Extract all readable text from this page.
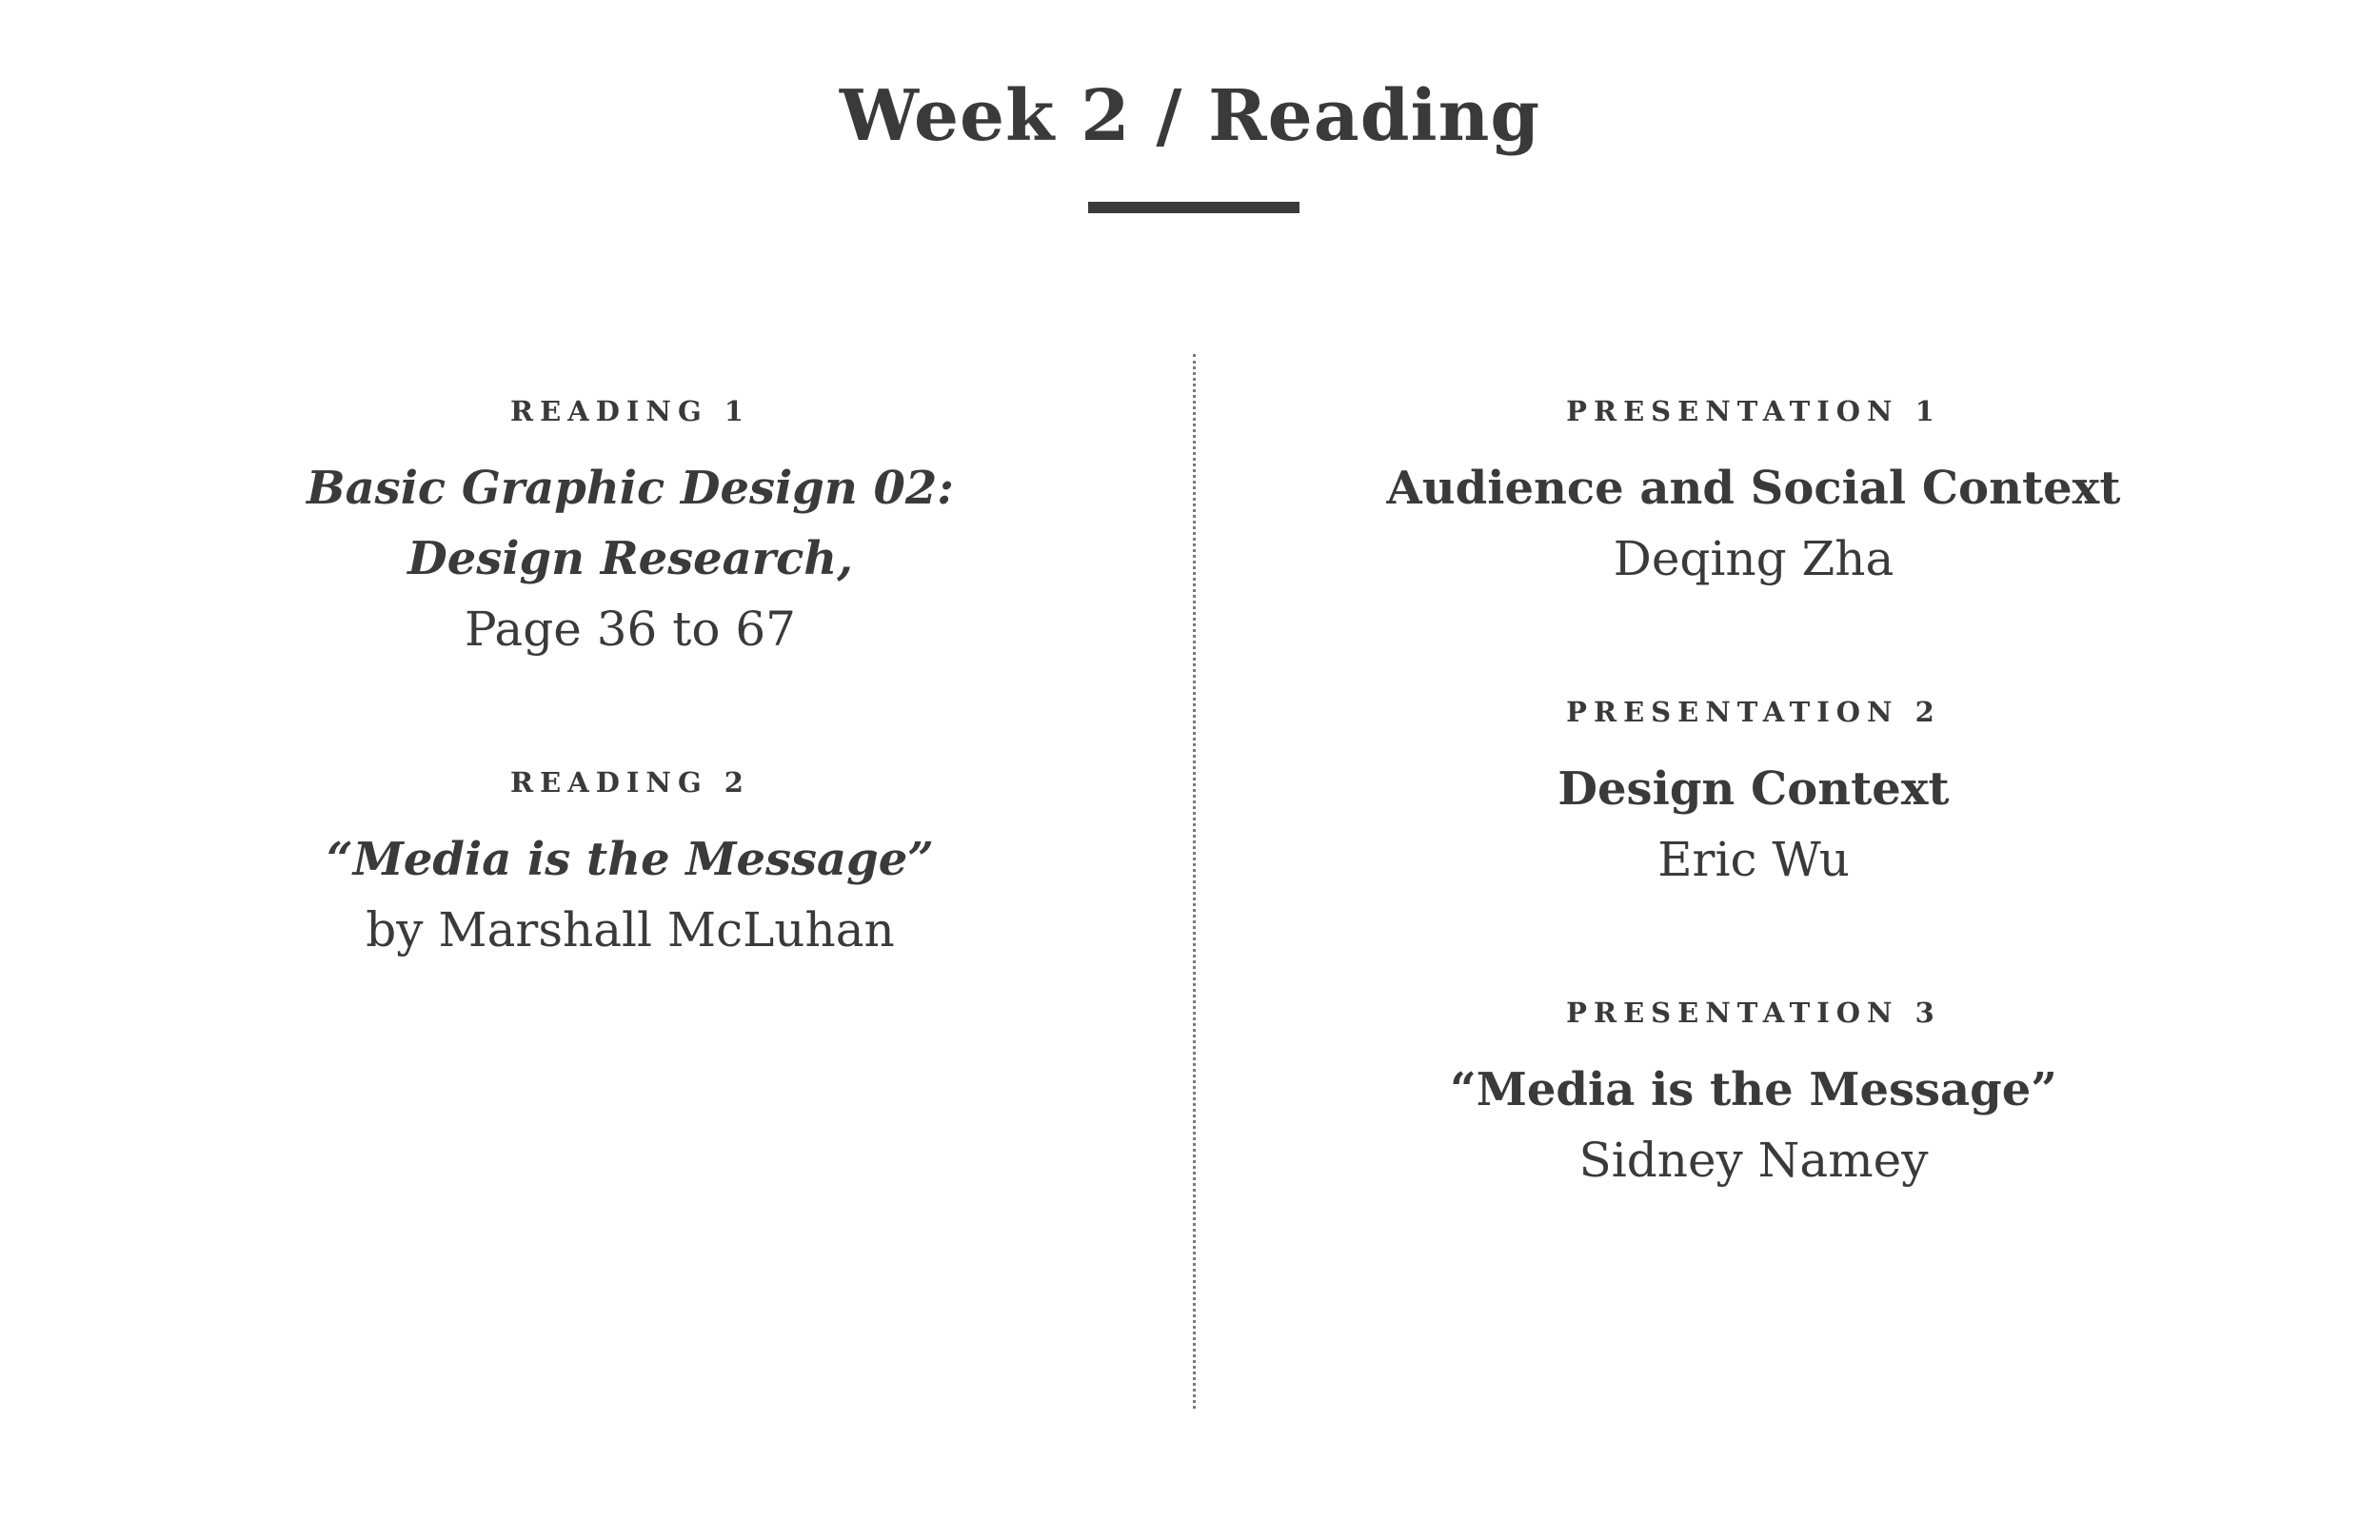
Week 2 / Reading

READING 1

Basic Graphic Design 02:

Design Research,

Page 36 to 67

READING 2

“Media is the Message”

by Marshall McLuhan

PRESENTATION 1

Audience and Social Context

Deqing Zha

PRESENTATION 2

Design Context

Eric Wu

PRESENTATION 3

“Media is the Message”

Sidney Namey
